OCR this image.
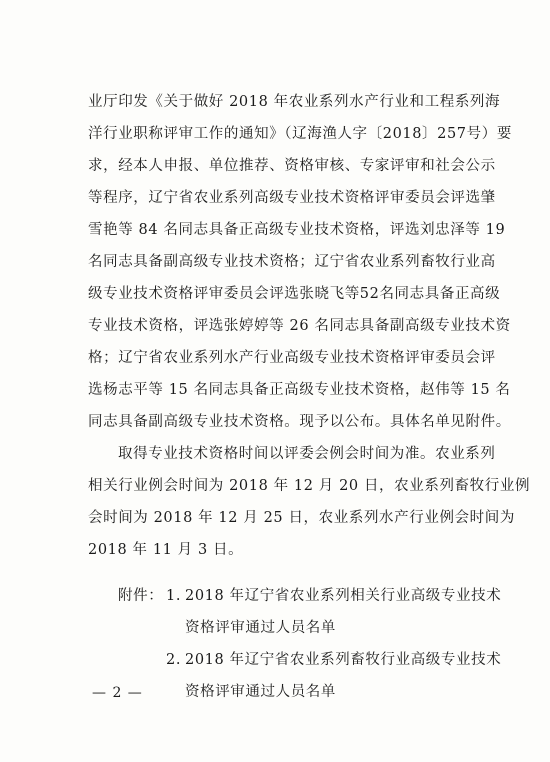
业厅印发《关于做好 2018 年农业系列水产行业和工程系列海
洋行业职称评审工作的通知》（辽海渔人字〔2018〕257号）要
求，经本人申报、单位推荐、资格审核、专家评审和社会公示
等程序，辽宁省农业系列高级专业技术资格评审委员会评选肇
雪艳等 84 名同志具备正高级专业技术资格，评选刘忠泽等 19
名同志具备副高级专业技术资格；辽宁省农业系列畜牧行业高
级专业技术资格评审委员会评选张晓飞等52名同志具备正高级
专业技术资格，评选张婷婷等 26 名同志具备副高级专业技术资
格；辽宁省农业系列水产行业高级专业技术资格评审委员会评
选杨志平等 15 名同志具备正高级专业技术资格，赵伟等 15 名
同志具备副高级专业技术资格。现予以公布。具体名单见附件。
取得专业技术资格时间以评委会例会时间为准。农业系列
相关行业例会时间为 2018 年 12 月 20 日，农业系列畜牧行业例
会时间为 2018 年 12 月 25 日，农业系列水产行业例会时间为
2018 年 11 月 3 日。
附件： 1. 2018 年辽宁省农业系列相关行业高级专业技术
资格评审通过人员名单
2. 2018 年辽宁省农业系列畜牧行业高级专业技术
资格评审通过人员名单
— 2 —
